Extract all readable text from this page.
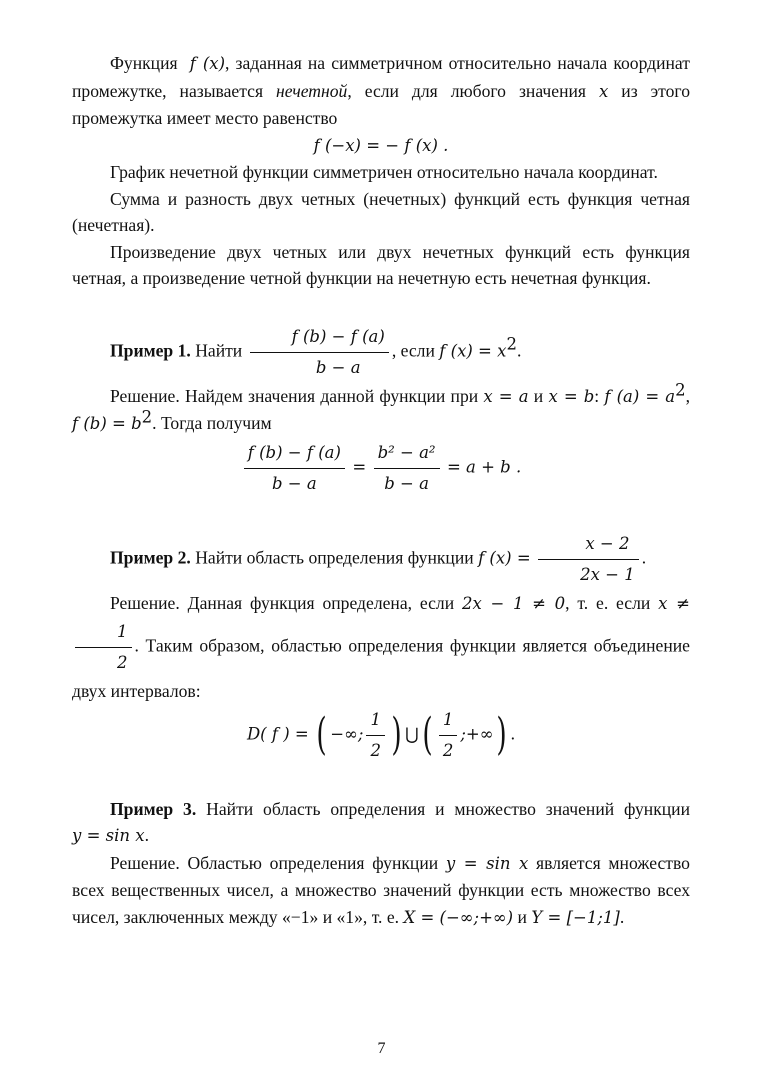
Функция f (x), заданная на симметричном относительно начала координат промежутке, называется нечетной, если для любого значения x из этого промежутка имеет место равенство

f (−x) = − f (x) .

График нечетной функции симметричен относительно начала координат.

Сумма и разность двух четных (нечетных) функций есть функция четная (нечетная).

Произведение двух четных или двух нечетных функций есть функция четная, а произведение четной функции на нечетную есть нечетная функция.

Пример 1. Найти $\frac{f (b) - f (a)}{b - a}$ , если f $(x) = x^2$.

Решение. Найдем значения данной функции при x = a и x = b: f $(a) = a^2$, f $(b) = b^2$. Тогда получим

$\frac{f (b) - f (a)}{b - a} = \frac{\text{b² − a²}}{b - a} = a + b$ .

Пример 2. Найти область определения функции f $(x) = \frac{x - 2}{2x - 1}$ .

Решение. Данная функция определена, если 2x − 1 ≠ 0, т. е. если x ≠
$\frac{1}{2}$ . Таким образом, областью определения функции является объединение двух интервалов:

D( f ) = ( −∞; $\frac{1}{2}$ ) ⋃( $\frac{1}{2}$ ;+∞) .

Пример 3. Найти область определения и множество значений функции y = sin x.

Решение. Областью определения функции y = sin x является множество всех вещественных чисел, а множество значений функции есть множество всех чисел, заключенных между «−1» и «1», т. е. X = (−∞;+∞) и Y = [−1;1].

7
